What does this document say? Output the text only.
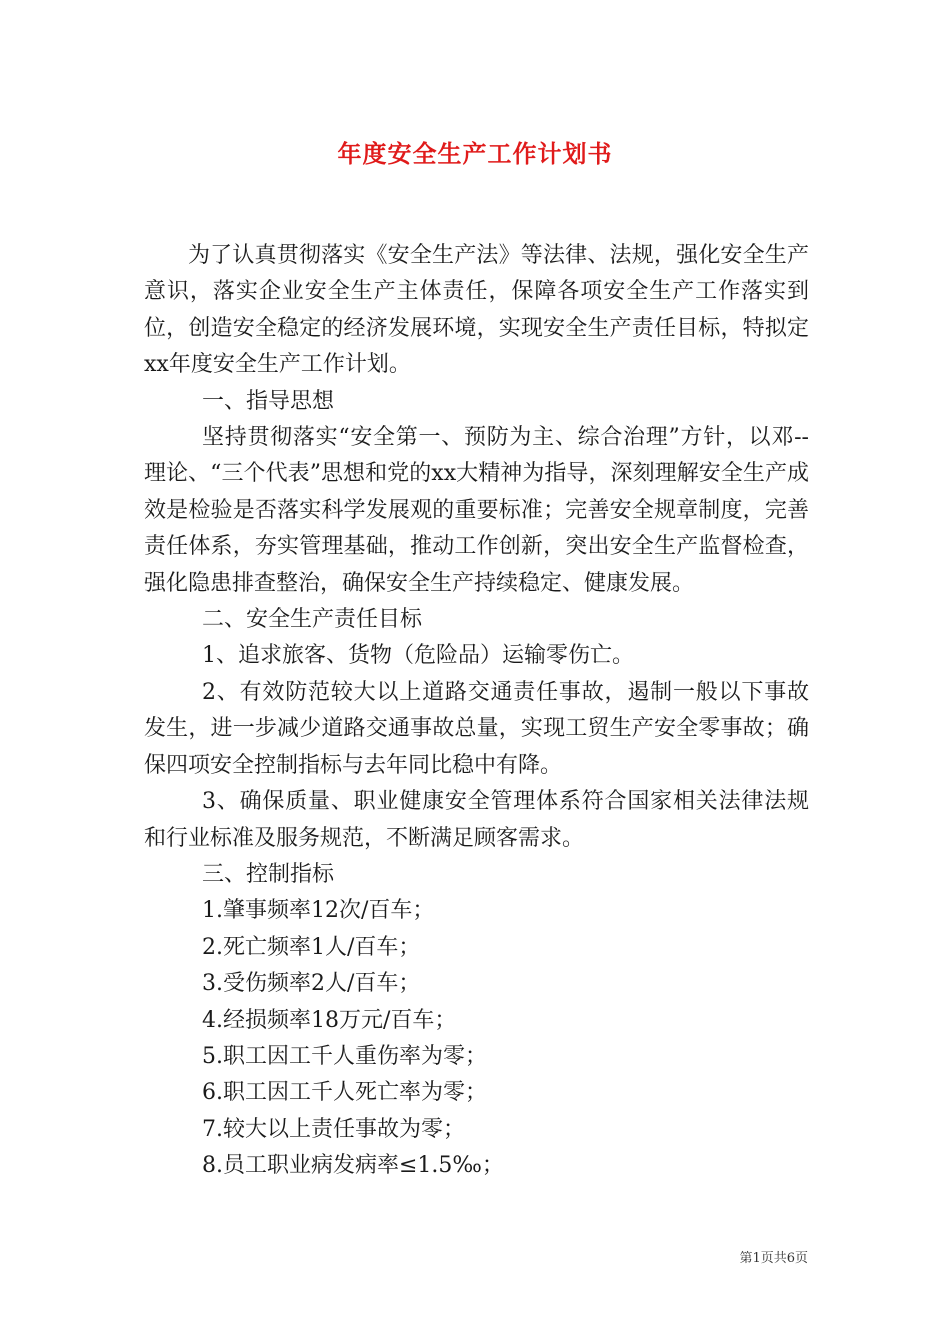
年度安全生产工作计划书

为了认真贯彻落实《安全生产法》等法律、法规，强化安全生产意识，落实企业安全生产主体责任，保障各项安全生产工作落实到位，创造安全稳定的经济发展环境，实现安全生产责任目标，特拟定xx年度安全生产工作计划。

一、指导思想

坚持贯彻落实“安全第一、预防为主、综合治理”方针，以邓--理论、“三个代表”思想和党的xx大精神为指导，深刻理解安全生产成效是检验是否落实科学发展观的重要标准；完善安全规章制度，完善责任体系，夯实管理基础，推动工作创新，突出安全生产监督检查，强化隐患排查整治，确保安全生产持续稳定、健康发展。

二、安全生产责任目标

1、追求旅客、货物（危险品）运输零伤亡。

2、有效防范较大以上道路交通责任事故，遏制一般以下事故发生，进一步减少道路交通事故总量，实现工贸生产安全零事故；确保四项安全控制指标与去年同比稳中有降。

3、确保质量、职业健康安全管理体系符合国家相关法律法规和行业标准及服务规范，不断满足顾客需求。

三、控制指标

1.肇事频率12次/百车；

2.死亡频率1人/百车；

3.受伤频率2人/百车；

4.经损频率18万元/百车；

5.职工因工千人重伤率为零；

6.职工因工千人死亡率为零；

7.较大以上责任事故为零；

8.员工职业病发病率≤1.5‰；

第1页共6页
